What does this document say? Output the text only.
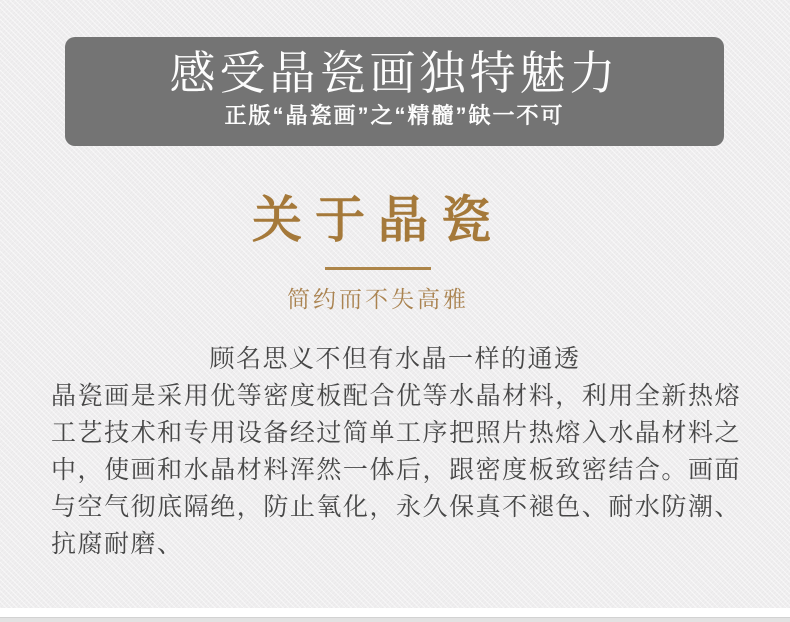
感受晶瓷画独特魅力
正版“晶瓷画”之“精髓”缺一不可
关于晶瓷
简约而不失高雅
顾名思义不但有水晶一样的通透
晶瓷画是采用优等密度板配合优等水晶材料，利用全新热熔工艺技术和专用设备经过简单工序把照片热熔入水晶材料之中，使画和水晶材料浑然一体后，跟密度板致密结合。画面与空气彻底隔绝，防止氧化，永久保真不褪色、耐水防潮、抗腐耐磨、
